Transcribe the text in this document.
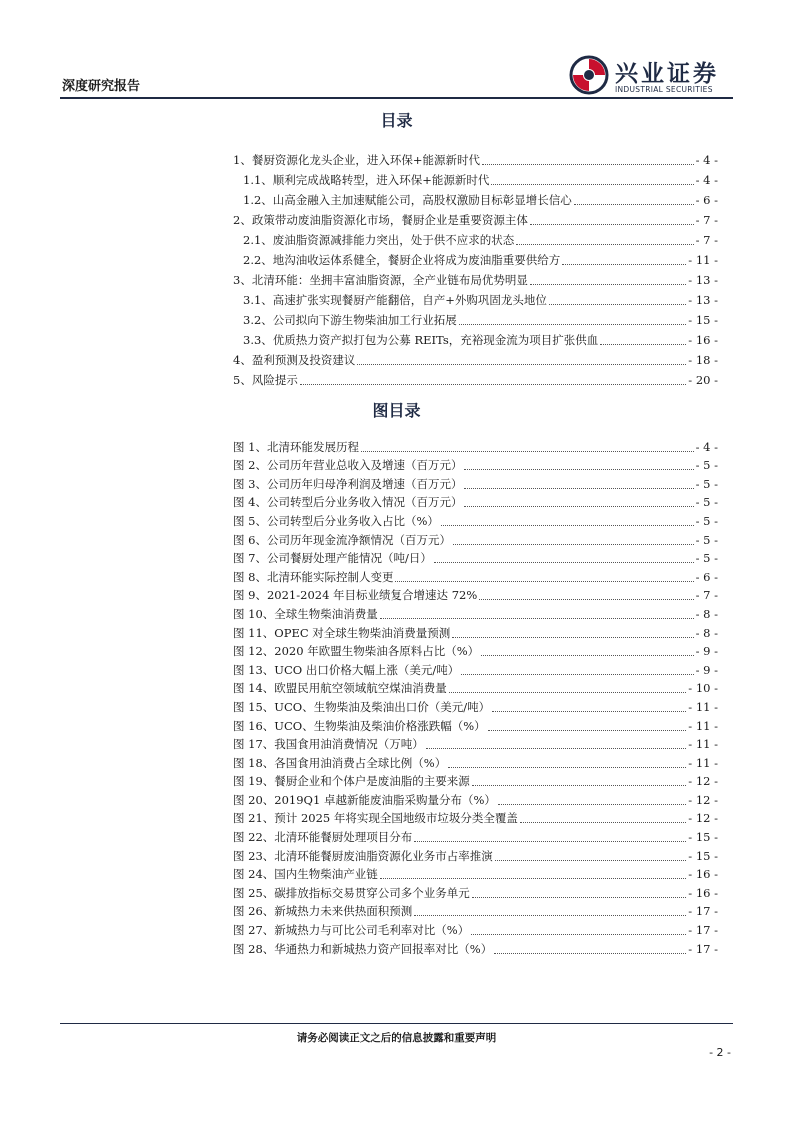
深度研究报告	兴业证券
INDUSTRIAL SECURITIES
目录
1、餐厨资源化龙头企业，进入环保+能源新时代	- 4 -
1.1、顺利完成战略转型，进入环保+能源新时代	- 4 -
1.2、山高金融入主加速赋能公司，高股权激励目标彰显增长信心	- 6 -
2、政策带动废油脂资源化市场，餐厨企业是重要资源主体	- 7 -
2.1、废油脂资源减排能力突出，处于供不应求的状态	- 7 -
2.2、地沟油收运体系健全，餐厨企业将成为废油脂重要供给方	- 11 -
3、北清环能：坐拥丰富油脂资源，全产业链布局优势明显	- 13 -
3.1、高速扩张实现餐厨产能翻倍，自产+外购巩固龙头地位	- 13 -
3.2、公司拟向下游生物柴油加工行业拓展	- 15 -
3.3、优质热力资产拟打包为公募 REITs，充裕现金流为项目扩张供血	- 16 -
4、盈利预测及投资建议	- 18 -
5、风险提示	- 20 -
图目录
图 1、北清环能发展历程	- 4 -
图 2、公司历年营业总收入及增速（百万元）	- 5 -
图 3、公司历年归母净利润及增速（百万元）	- 5 -
图 4、公司转型后分业务收入情况（百万元）	- 5 -
图 5、公司转型后分业务收入占比（%）	- 5 -
图 6、公司历年现金流净额情况（百万元）	- 5 -
图 7、公司餐厨处理产能情况（吨/日）	- 5 -
图 8、北清环能实际控制人变更	- 6 -
图 9、2021-2024 年目标业绩复合增速达 72%	- 7 -
图 10、全球生物柴油消费量	- 8 -
图 11、OPEC 对全球生物柴油消费量预测	- 8 -
图 12、2020 年欧盟生物柴油各原料占比（%）	- 9 -
图 13、UCO 出口价格大幅上涨（美元/吨）	- 9 -
图 14、欧盟民用航空领域航空煤油消费量	- 10 -
图 15、UCO、生物柴油及柴油出口价（美元/吨）	- 11 -
图 16、UCO、生物柴油及柴油价格涨跌幅（%）	- 11 -
图 17、我国食用油消费情况（万吨）	- 11 -
图 18、各国食用油消费占全球比例（%）	- 11 -
图 19、餐厨企业和个体户是废油脂的主要来源	- 12 -
图 20、2019Q1 卓越新能废油脂采购量分布（%）	- 12 -
图 21、预计 2025 年将实现全国地级市垃圾分类全覆盖	- 12 -
图 22、北清环能餐厨处理项目分布	- 15 -
图 23、北清环能餐厨废油脂资源化业务市占率推演	- 15 -
图 24、国内生物柴油产业链	- 16 -
图 25、碳排放指标交易贯穿公司多个业务单元	- 16 -
图 26、新城热力未来供热面积预测	- 17 -
图 27、新城热力与可比公司毛利率对比（%）	- 17 -
图 28、华通热力和新城热力资产回报率对比（%）	- 17 -
请务必阅读正文之后的信息披露和重要声明
- 2 -
